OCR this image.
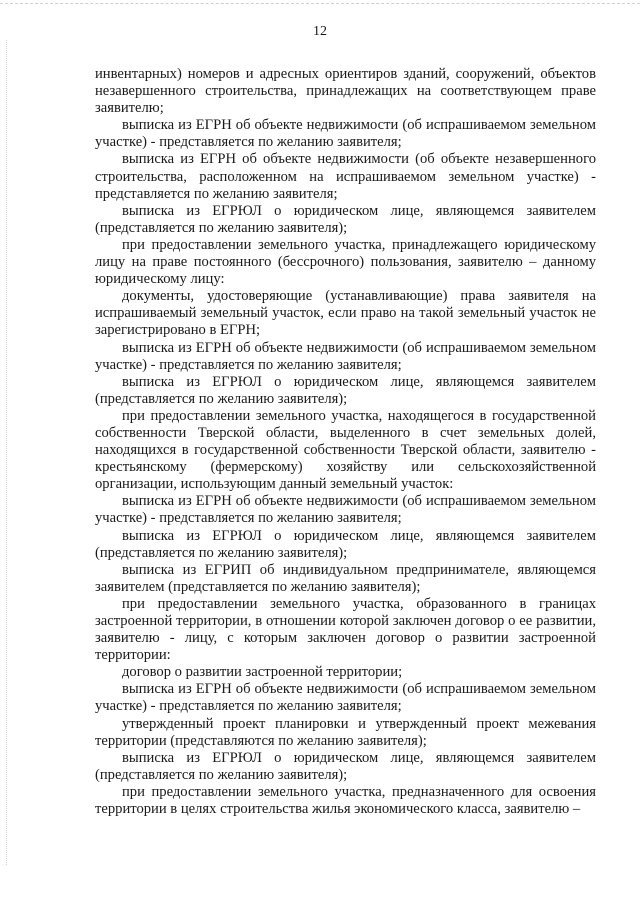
12

инвентарных) номеров и адресных ориентиров зданий, сооружений, объектов незавершенного строительства, принадлежащих на соответствующем праве заявителю;

выписка из ЕГРН об объекте недвижимости (об испрашиваемом земельном участке) - представляется по желанию заявителя;

выписка из ЕГРН об объекте недвижимости (об объекте незавершенного строительства, расположенном на испрашиваемом земельном участке) - представляется по желанию заявителя;

выписка из ЕГРЮЛ о юридическом лице, являющемся заявителем (представляется по желанию заявителя);

при предоставлении земельного участка, принадлежащего юридическому лицу на праве постоянного (бессрочного) пользования, заявителю – данному юридическому лицу:

документы, удостоверяющие (устанавливающие) права заявителя на испрашиваемый земельный участок, если право на такой земельный участок не зарегистрировано в ЕГРН;

выписка из ЕГРН об объекте недвижимости (об испрашиваемом земельном участке) - представляется по желанию заявителя;

выписка из ЕГРЮЛ о юридическом лице, являющемся заявителем (представляется по желанию заявителя);

при предоставлении земельного участка, находящегося в государственной собственности Тверской области, выделенного в счет земельных долей, находящихся в государственной собственности Тверской области, заявителю - крестьянскому (фермерскому) хозяйству или сельскохозяйственной организации, использующим данный земельный участок:

выписка из ЕГРН об объекте недвижимости (об испрашиваемом земельном участке) - представляется по желанию заявителя;

выписка из ЕГРЮЛ о юридическом лице, являющемся заявителем (представляется по желанию заявителя);

выписка из ЕГРИП об индивидуальном предпринимателе, являющемся заявителем (представляется по желанию заявителя);

при предоставлении земельного участка, образованного в границах застроенной территории, в отношении которой заключен договор о ее развитии, заявителю - лицу, с которым заключен договор о развитии застроенной территории:

договор о развитии застроенной территории;

выписка из ЕГРН об объекте недвижимости (об испрашиваемом земельном участке) - представляется по желанию заявителя;

утвержденный проект планировки и утвержденный проект межевания территории (представляются по желанию заявителя);

выписка из ЕГРЮЛ о юридическом лице, являющемся заявителем (представляется по желанию заявителя);

при предоставлении земельного участка, предназначенного для освоения территории в целях строительства жилья экономического класса, заявителю –
